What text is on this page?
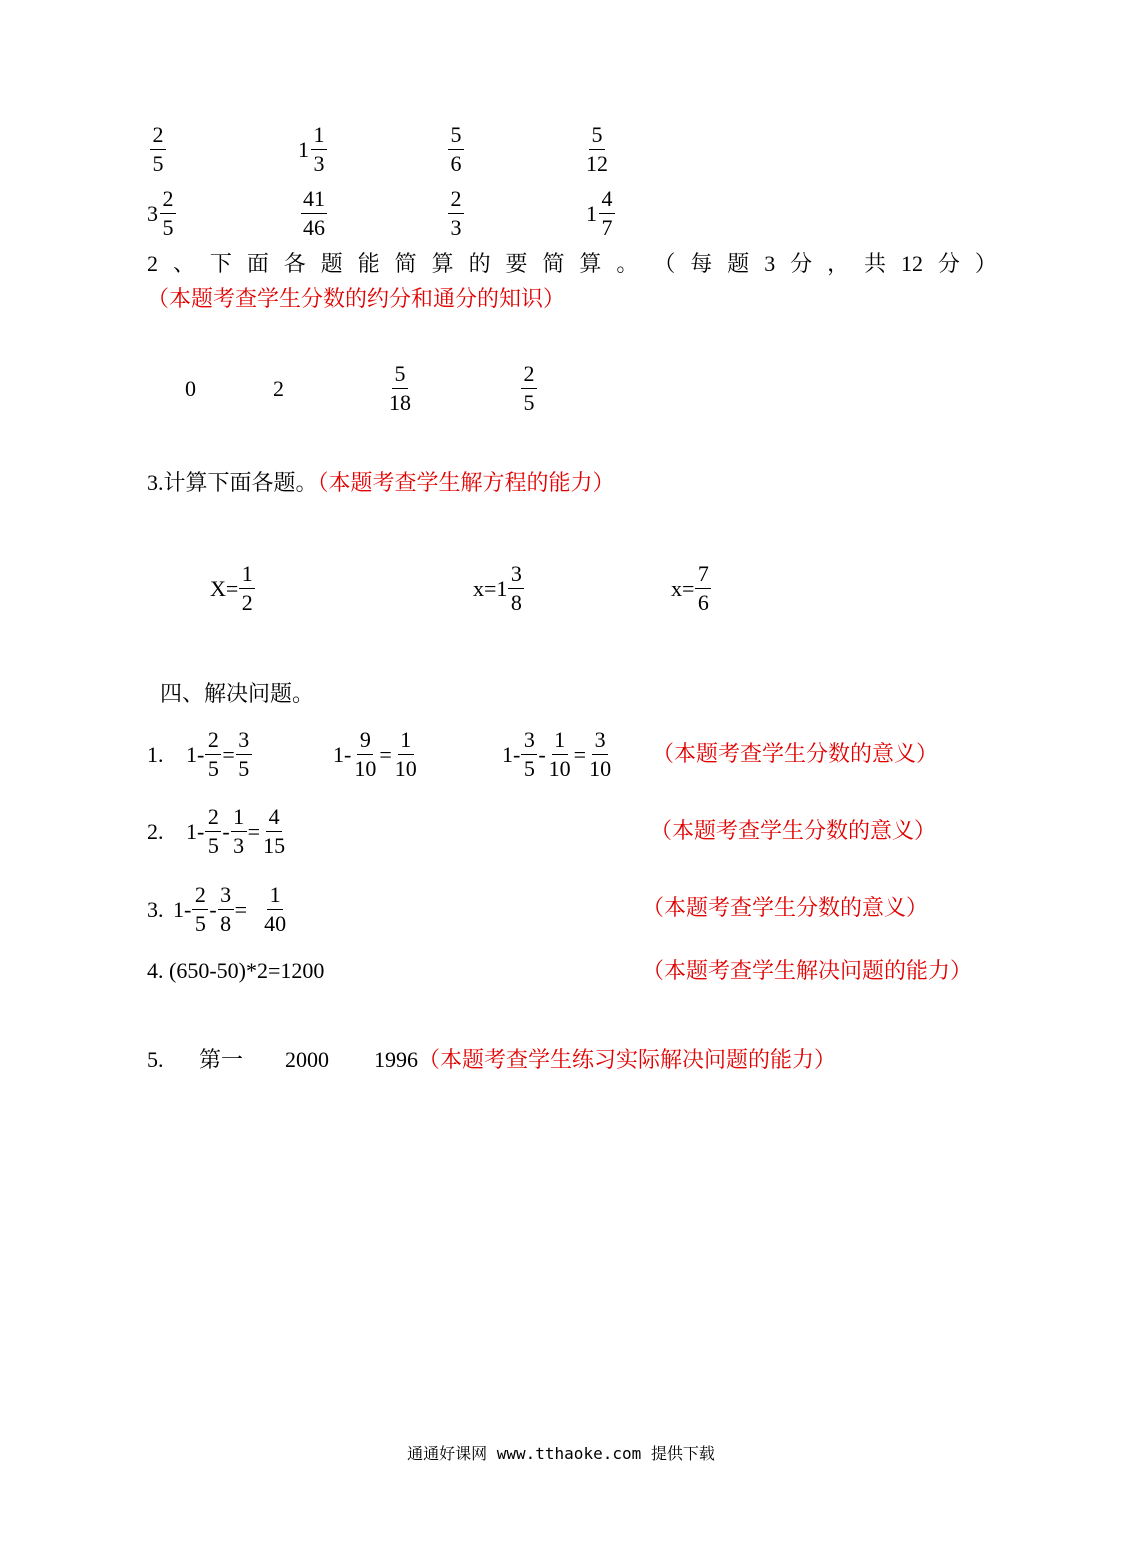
$\frac{2}{5}$	$1 \frac{1}{3}$	$\frac{5}{6}$	$\frac{5}{12}$
$3 \frac{2}{5}$	$\frac{41}{46}$	$\frac{2}{3}$	$1 \frac{4}{7}$
2 、 下 面 各 题 能 简 算 的 要 简 算 。 （ 每 题 3 分 ， 共 12 分 ）
（本题考查学生分数的约分和通分的知识）
0	2	$\frac{5}{18}$	$\frac{2}{5}$
3.计算下面各题。（本题考查学生解方程的能力）
$X= \frac{1}{2}$	$x=1 \frac{3}{8}$	$x= \frac{7}{6}$
四、解决问题。
1. $1- \frac{2}{5} = \frac{3}{5}$	$1- \frac{9}{10} = \frac{1}{10}$	$1- \frac{3}{5} - \frac{1}{10} = \frac{3}{10}$ （本题考查学生分数的意义）
2. $1- \frac{2}{5} - \frac{1}{3} = \frac{4}{15}$	（本题考查学生分数的意义）
3. $1- \frac{2}{5} - \frac{3}{8} = \frac{1}{40}$	（本题考查学生分数的意义）
4. (650-50)*2=1200	（本题考查学生解决问题的能力）
5. 第一 2000 1996（本题考查学生练习实际解决问题的能力）
通通好课网 www.tthaoke.com 提供下载
